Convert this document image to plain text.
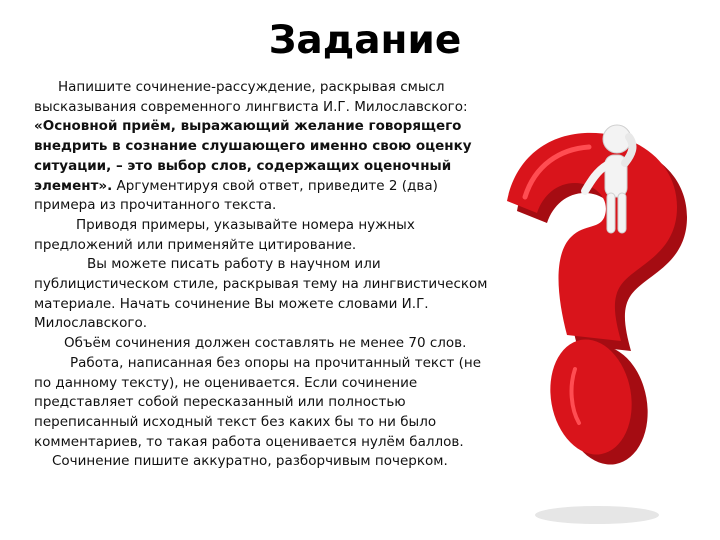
Задание

Напишите сочинение-рассуждение, раскрывая смысл высказывания современного лингвиста И.Г. Милославского: «Основной приём, выражающий желание говорящего внедрить в сознание слушающего именно свою оценку ситуации, – это выбор слов, содержащих оценочный элемент». Аргументируя свой ответ, приведите 2 (два) примера из прочитанного текста.

Приводя примеры, указывайте номера нужных предложений или применяйте цитирование.

Вы можете писать работу в научном или публицистическом стиле, раскрывая тему на лингвистическом материале. Начать сочинение Вы можете словами И.Г. Милославского.

Объём сочинения должен составлять не менее 70 слов.

Работа, написанная без опоры на прочитанный текст (не по данному тексту), не оценивается. Если сочинение представляет собой пересказанный или полностью переписанный исходный текст без каких бы то ни было комментариев, то такая работа оценивается нулём баллов.

Сочинение пишите аккуратно, разборчивым почерком.
